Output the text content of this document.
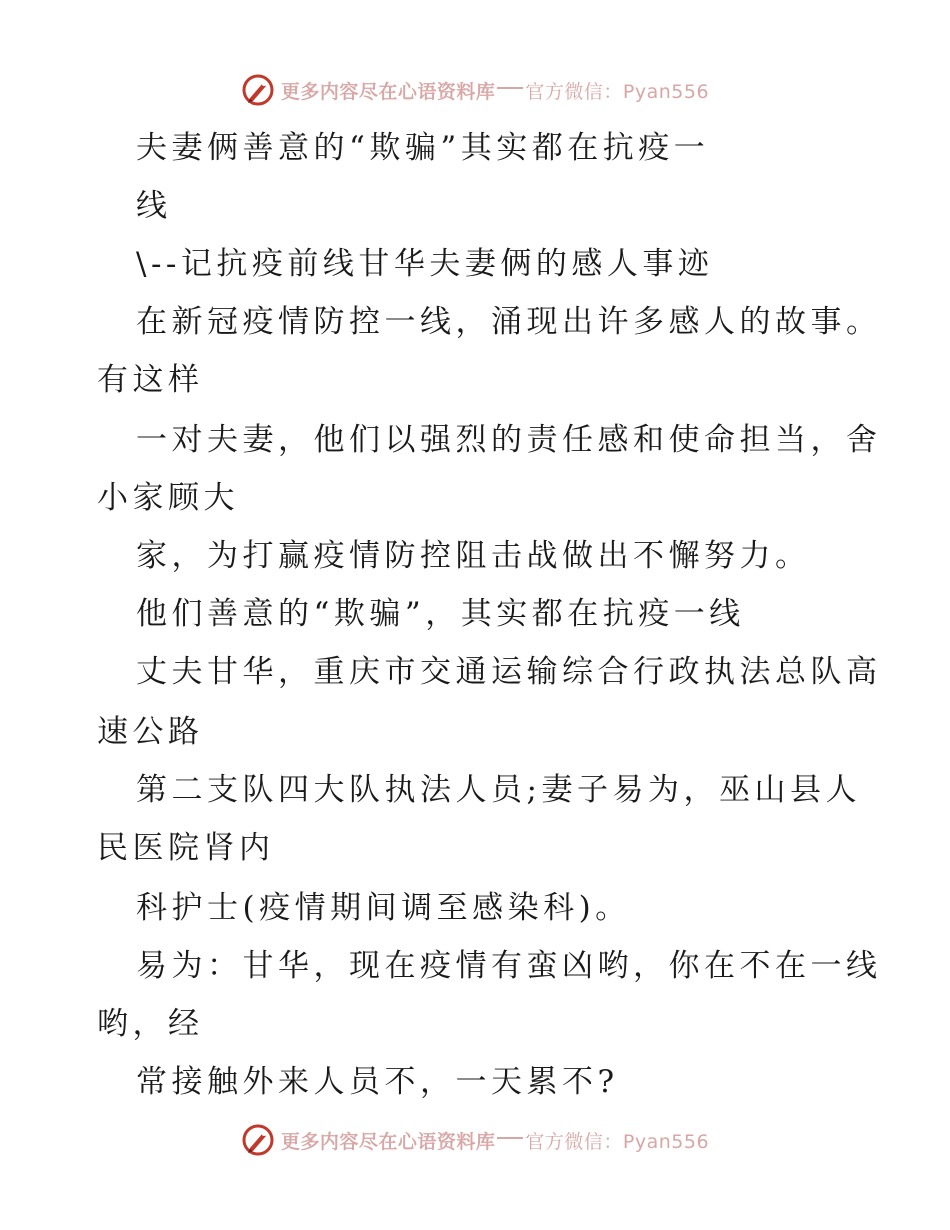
更多内容尽在心语资料库 官方微信：Pyan556
夫妻俩善意的“欺骗”其实都在抗疫一
线
\--记抗疫前线甘华夫妻俩的感人事迹
在新冠疫情防控一线，涌现出许多感人的故事。
有这样
一对夫妻，他们以强烈的责任感和使命担当，舍
小家顾大
家，为打赢疫情防控阻击战做出不懈努力。
他们善意的“欺骗”，其实都在抗疫一线
丈夫甘华，重庆市交通运输综合行政执法总队高
速公路
第二支队四大队执法人员;妻子易为，巫山县人
民医院肾内
科护士(疫情期间调至感染科)。
易为：甘华，现在疫情有蛮凶哟，你在不在一线
哟，经
常接触外来人员不，一天累不?
更多内容尽在心语资料库 官方微信：Pyan556
